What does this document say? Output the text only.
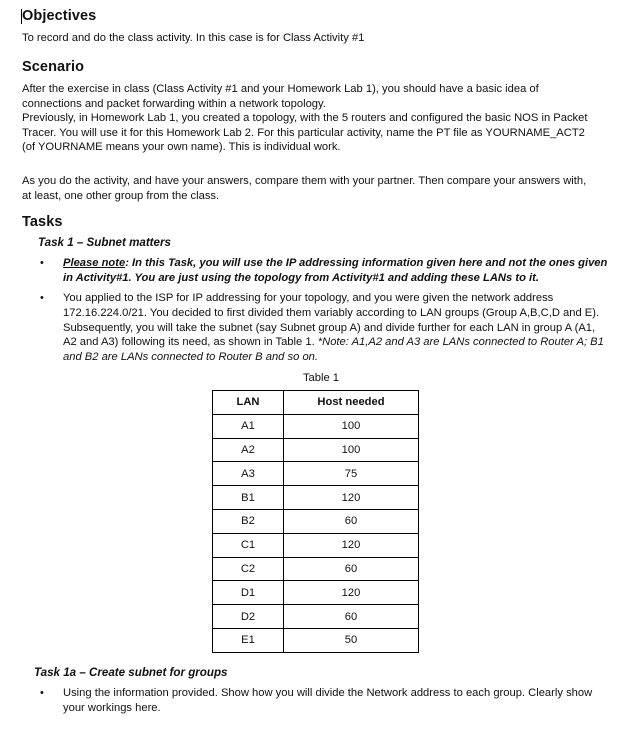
Objectives

To record and do the class activity. In this case is for Class Activity #1

Scenario

After the exercise in class (Class Activity #1 and your Homework Lab 1), you should have a basic idea of connections and packet forwarding within a network topology.

Previously, in Homework Lab 1, you created a topology, with the 5 routers and configured the basic NOS in Packet Tracer. You will use it for this Homework Lab 2. For this particular activity, name the PT file as YOURNAME_ACT2 (of YOURNAME means your own name). This is individual work.

As you do the activity, and have your answers, compare them with your partner. Then compare your answers with, at least, one other group from the class.

Tasks

Task 1 – Subnet matters

• Please note: In this Task, you will use the IP addressing information given here and not the ones given in Activity#1. You are just using the topology from Activity#1 and adding these LANs to it.

• You applied to the ISP for IP addressing for your topology, and you were given the network address 172.16.224.0/21. You decided to first divided them variably according to LAN groups (Group A,B,C,D and E). Subsequently, you will take the subnet (say Subnet group A) and divide further for each LAN in group A (A1, A2 and A3) following its need, as shown in Table 1. *Note: A1,A2 and A3 are LANs connected to Router A; B1 and B2 are LANs connected to Router B and so on.

Table 1
LAN	Host needed
A1	100
A2	100
A3	75
B1	120
B2	60
C1	120
C2	60
D1	120
D2	60
E1	50

Task 1a – Create subnet for groups

• Using the information provided. Show how you will divide the Network address to each group. Clearly show your workings here.
